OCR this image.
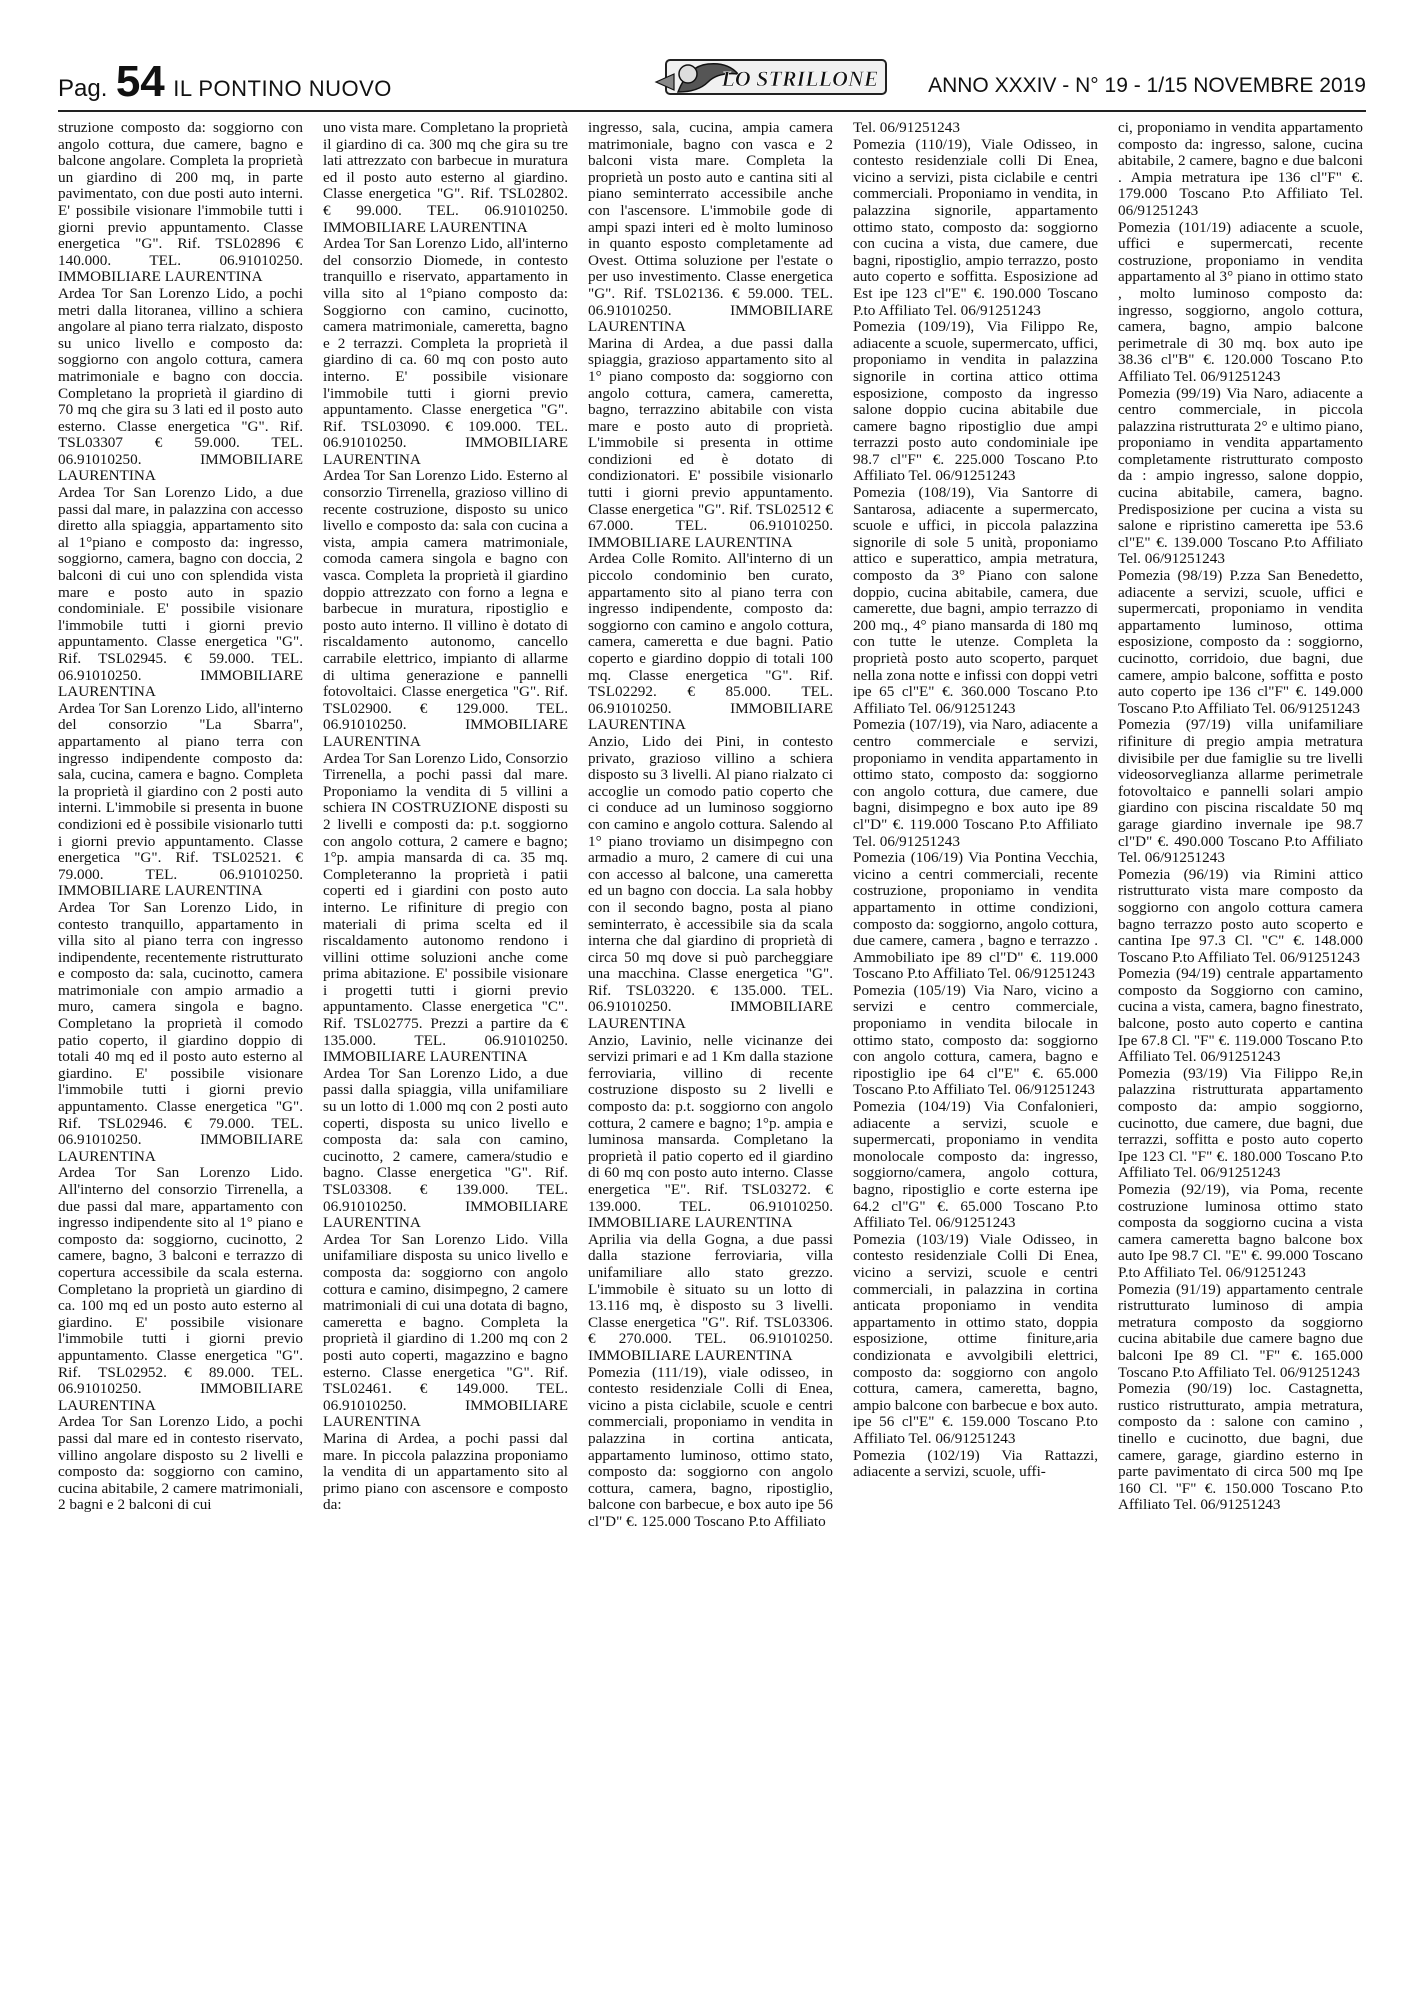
Pag. 54 IL PONTINO NUOVO	LO STRILLONE ANNO XXXIV - N° 19 - 1/15 NOVEMBRE 2019

struzione composto da: soggiorno con angolo cottura, due camere, bagno e balcone angolare. Completa la proprietà un giardino di 200 mq, in parte pavimentato, con due posti auto interni. E' possibile visionare l'immobile tutti i giorni previo appuntamento. Classe energetica "G". Rif. TSL02896 € 140.000. TEL. 06.91010250. IMMOBILIARE LAURENTINA

Ardea Tor San Lorenzo Lido, a pochi metri dalla litoranea, villino a schiera angolare al piano terra rialzato, disposto su unico livello e composto da: soggiorno con angolo cottura, camera matrimoniale e bagno con doccia. Completano la proprietà il giardino di 70 mq che gira su 3 lati ed il posto auto esterno. Classe energetica "G". Rif. TSL03307 € 59.000. TEL. 06.91010250. IMMOBILIARE LAURENTINA

Ardea Tor San Lorenzo Lido, a due passi dal mare, in palazzina con accesso diretto alla spiaggia, appartamento sito al 1°piano e composto da: ingresso, soggiorno, camera, bagno con doccia, 2 balconi di cui uno con splendida vista mare e posto auto in spazio condominiale. E' possibile visionare l'immobile tutti i giorni previo appuntamento. Classe energetica "G". Rif. TSL02945. € 59.000. TEL. 06.91010250. IMMOBILIARE LAURENTINA

Ardea Tor San Lorenzo Lido, all'interno del consorzio "La Sbarra", appartamento al piano terra con ingresso indipendente composto da: sala, cucina, camera e bagno. Completa la proprietà il giardino con 2 posti auto interni. L'immobile si presenta in buone condizioni ed è possibile visionarlo tutti i giorni previo appuntamento. Classe energetica "G". Rif. TSL02521. € 79.000. TEL. 06.91010250. IMMOBILIARE LAURENTINA

Ardea Tor San Lorenzo Lido, in contesto tranquillo, appartamento in villa sito al piano terra con ingresso indipendente, recentemente ristrutturato e composto da: sala, cucinotto, camera matrimoniale con ampio armadio a muro, camera singola e bagno. Completano la proprietà il comodo patio coperto, il giardino doppio di totali 40 mq ed il posto auto esterno al giardino. E' possibile visionare l'immobile tutti i giorni previo appuntamento. Classe energetica "G". Rif. TSL02946. € 79.000. TEL. 06.91010250. IMMOBILIARE LAURENTINA

Ardea Tor San Lorenzo Lido. All'interno del consorzio Tirrenella, a due passi dal mare, appartamento con ingresso indipendente sito al 1° piano e composto da: soggiorno, cucinotto, 2 camere, bagno, 3 balconi e terrazzo di copertura accessibile da scala esterna. Completano la proprietà un giardino di ca. 100 mq ed un posto auto esterno al giardino. E' possibile visionare l'immobile tutti i giorni previo appuntamento. Classe energetica "G". Rif. TSL02952. € 89.000. TEL. 06.91010250. IMMOBILIARE LAURENTINA

Ardea Tor San Lorenzo Lido, a pochi passi dal mare ed in contesto riservato, villino angolare disposto su 2 livelli e composto da: soggiorno con camino, cucina abitabile, 2 camere matrimoniali, 2 bagni e 2 balconi di cui

uno vista mare. Completano la proprietà il giardino di ca. 300 mq che gira su tre lati attrezzato con barbecue in muratura ed il posto auto esterno al giardino. Classe energetica "G". Rif. TSL02802. € 99.000. TEL. 06.91010250. IMMOBILIARE LAURENTINA

Ardea Tor San Lorenzo Lido, all'interno del consorzio Diomede, in contesto tranquillo e riservato, appartamento in villa sito al 1°piano composto da: Soggiorno con camino, cucinotto, camera matrimoniale, cameretta, bagno e 2 terrazzi. Completa la proprietà il giardino di ca. 60 mq con posto auto interno. E' possibile visionare l'immobile tutti i giorni previo appuntamento. Classe energetica "G". Rif. TSL03090. € 109.000. TEL. 06.91010250. IMMOBILIARE LAURENTINA

Ardea Tor San Lorenzo Lido. Esterno al consorzio Tirrenella, grazioso villino di recente costruzione, disposto su unico livello e composto da: sala con cucina a vista, ampia camera matrimoniale, comoda camera singola e bagno con vasca. Completa la proprietà il giardino doppio attrezzato con forno a legna e barbecue in muratura, ripostiglio e posto auto interno. Il villino è dotato di riscaldamento autonomo, cancello carrabile elettrico, impianto di allarme di ultima generazione e pannelli fotovoltaici. Classe energetica "G". Rif. TSL02900. € 129.000. TEL. 06.91010250. IMMOBILIARE LAURENTINA

Ardea Tor San Lorenzo Lido, Consorzio Tirrenella, a pochi passi dal mare. Proponiamo la vendita di 5 villini a schiera IN COSTRUZIONE disposti su 2 livelli e composti da: p.t. soggiorno con angolo cottura, 2 camere e bagno; 1°p. ampia mansarda di ca. 35 mq. Completeranno la proprietà i patii coperti ed i giardini con posto auto interno. Le rifiniture di pregio con materiali di prima scelta ed il riscaldamento autonomo rendono i villini ottime soluzioni anche come prima abitazione. E' possibile visionare i progetti tutti i giorni previo appuntamento. Classe energetica "C". Rif. TSL02775. Prezzi a partire da € 135.000. TEL. 06.91010250. IMMOBILIARE LAURENTINA

Ardea Tor San Lorenzo Lido, a due passi dalla spiaggia, villa unifamiliare su un lotto di 1.000 mq con 2 posti auto coperti, disposta su unico livello e composta da: sala con camino, cucinotto, 2 camere, camera/studio e bagno. Classe energetica "G". Rif. TSL03308. € 139.000. TEL. 06.91010250. IMMOBILIARE LAURENTINA

Ardea Tor San Lorenzo Lido. Villa unifamiliare disposta su unico livello e composta da: soggiorno con angolo cottura e camino, disimpegno, 2 camere matrimoniali di cui una dotata di bagno, cameretta e bagno. Completa la proprietà il giardino di 1.200 mq con 2 posti auto coperti, magazzino e bagno esterno. Classe energetica "G". Rif. TSL02461. € 149.000. TEL. 06.91010250. IMMOBILIARE LAURENTINA

Marina di Ardea, a pochi passi dal mare. In piccola palazzina proponiamo la vendita di un appartamento sito al primo piano con ascensore e composto da:

ingresso, sala, cucina, ampia camera matrimoniale, bagno con vasca e 2 balconi vista mare. Completa la proprietà un posto auto e cantina siti al piano seminterrato accessibile anche con l'ascensore. L'immobile gode di ampi spazi interi ed è molto luminoso in quanto esposto completamente ad Ovest. Ottima soluzione per l'estate o per uso investimento. Classe energetica "G". Rif. TSL02136. € 59.000. TEL. 06.91010250. IMMOBILIARE LAURENTINA

Marina di Ardea, a due passi dalla spiaggia, grazioso appartamento sito al 1° piano composto da: soggiorno con angolo cottura, camera, cameretta, bagno, terrazzino abitabile con vista mare e posto auto di proprietà. L'immobile si presenta in ottime condizioni ed è dotato di condizionatori. E' possibile visionarlo tutti i giorni previo appuntamento. Classe energetica "G". Rif. TSL02512 € 67.000. TEL. 06.91010250. IMMOBILIARE LAURENTINA

Ardea Colle Romito. All'interno di un piccolo condominio ben curato, appartamento sito al piano terra con ingresso indipendente, composto da: soggiorno con camino e angolo cottura, camera, cameretta e due bagni. Patio coperto e giardino doppio di totali 100 mq. Classe energetica "G". Rif. TSL02292. € 85.000. TEL. 06.91010250. IMMOBILIARE LAURENTINA

Anzio, Lido dei Pini, in contesto privato, grazioso villino a schiera disposto su 3 livelli. Al piano rialzato ci accoglie un comodo patio coperto che ci conduce ad un luminoso soggiorno con camino e angolo cottura. Salendo al 1° piano troviamo un disimpegno con armadio a muro, 2 camere di cui una con accesso al balcone, una cameretta ed un bagno con doccia. La sala hobby con il secondo bagno, posta al piano seminterrato, è accessibile sia da scala interna che dal giardino di proprietà di circa 50 mq dove si può parcheggiare una macchina. Classe energetica "G". Rif. TSL03220. € 135.000. TEL. 06.91010250. IMMOBILIARE LAURENTINA

Anzio, Lavinio, nelle vicinanze dei servizi primari e ad 1 Km dalla stazione ferroviaria, villino di recente costruzione disposto su 2 livelli e composto da: p.t. soggiorno con angolo cottura, 2 camere e bagno; 1°p. ampia e luminosa mansarda. Completano la proprietà il patio coperto ed il giardino di 60 mq con posto auto interno. Classe energetica "E". Rif. TSL03272. € 139.000. TEL. 06.91010250. IMMOBILIARE LAURENTINA

Aprilia via della Gogna, a due passi dalla stazione ferroviaria, villa unifamiliare allo stato grezzo. L'immobile è situato su un lotto di 13.116 mq, è disposto su 3 livelli. Classe energetica "G". Rif. TSL03306. € 270.000. TEL. 06.91010250. IMMOBILIARE LAURENTINA

Pomezia (111/19), viale odisseo, in contesto residenziale Colli di Enea, vicino a pista ciclabile, scuole e centri commerciali, proponiamo in vendita in palazzina in cortina anticata, appartamento luminoso, ottimo stato, composto da: soggiorno con angolo cottura, camera, bagno, ripostiglio, balcone con barbecue, e box auto ipe 56 cl"D" €. 125.000 Toscano P.to Affiliato

Tel. 06/91251243

Pomezia (110/19), Viale Odisseo, in contesto residenziale colli Di Enea, vicino a servizi, pista ciclabile e centri commerciali. Proponiamo in vendita, in palazzina signorile, appartamento ottimo stato, composto da: soggiorno con cucina a vista, due camere, due bagni, ripostiglio, ampio terrazzo, posto auto coperto e soffitta. Esposizione ad Est ipe 123 cl"E" €. 190.000 Toscano P.to Affiliato Tel. 06/91251243

Pomezia (109/19), Via Filippo Re, adiacente a scuole, supermercato, uffici, proponiamo in vendita in palazzina signorile in cortina attico ottima esposizione, composto da ingresso salone doppio cucina abitabile due camere bagno ripostiglio due ampi terrazzi posto auto condominiale ipe 98.7 cl"F" €. 225.000 Toscano P.to Affiliato Tel. 06/91251243

Pomezia (108/19), Via Santorre di Santarosa, adiacente a supermercato, scuole e uffici, in piccola palazzina signorile di sole 5 unità, proponiamo attico e superattico, ampia metratura, composto da 3° Piano con salone doppio, cucina abitabile, camera, due camerette, due bagni, ampio terrazzo di 200 mq., 4° piano mansarda di 180 mq con tutte le utenze. Completa la proprietà posto auto scoperto, parquet nella zona notte e infissi con doppi vetri ipe 65 cl"E" €. 360.000 Toscano P.to Affiliato Tel. 06/91251243

Pomezia (107/19), via Naro, adiacente a centro commerciale e servizi, proponiamo in vendita appartamento in ottimo stato, composto da: soggiorno con angolo cottura, due camere, due bagni, disimpegno e box auto ipe 89 cl"D" €. 119.000 Toscano P.to Affiliato Tel. 06/91251243

Pomezia (106/19) Via Pontina Vecchia, vicino a centri commerciali, recente costruzione, proponiamo in vendita appartamento in ottime condizioni, composto da: soggiorno, angolo cottura, due camere, camera , bagno e terrazzo . Ammobiliato ipe 89 cl"D" €. 119.000 Toscano P.to Affiliato Tel. 06/91251243

Pomezia (105/19) Via Naro, vicino a servizi e centro commerciale, proponiamo in vendita bilocale in ottimo stato, composto da: soggiorno con angolo cottura, camera, bagno e ripostiglio ipe 64 cl"E" €. 65.000 Toscano P.to Affiliato Tel. 06/91251243

Pomezia (104/19) Via Confalonieri, adiacente a servizi, scuole e supermercati, proponiamo in vendita monolocale composto da: ingresso, soggiorno/camera, angolo cottura, bagno, ripostiglio e corte esterna ipe 64.2 cl"G" €. 65.000 Toscano P.to Affiliato Tel. 06/91251243

Pomezia (103/19) Viale Odisseo, in contesto residenziale Colli Di Enea, vicino a servizi, scuole e centri commerciali, in palazzina in cortina anticata proponiamo in vendita appartamento in ottimo stato, doppia esposizione, ottime finiture,aria condizionata e avvolgibili elettrici, composto da: soggiorno con angolo cottura, camera, cameretta, bagno, ampio balcone con barbecue e box auto. ipe 56 cl"E" €. 159.000 Toscano P.to Affiliato Tel. 06/91251243

Pomezia (102/19) Via Rattazzi, adiacente a servizi, scuole, uffi-

ci, proponiamo in vendita appartamento composto da: ingresso, salone, cucina abitabile, 2 camere, bagno e due balconi . Ampia metratura ipe 136 cl"F" €. 179.000 Toscano P.to Affiliato Tel. 06/91251243

Pomezia (101/19) adiacente a scuole, uffici e supermercati, recente costruzione, proponiamo in vendita appartamento al 3° piano in ottimo stato , molto luminoso composto da: ingresso, soggiorno, angolo cottura, camera, bagno, ampio balcone perimetrale di 30 mq. box auto ipe 38.36 cl"B" €. 120.000 Toscano P.to Affiliato Tel. 06/91251243

Pomezia (99/19) Via Naro, adiacente a centro commerciale, in piccola palazzina ristrutturata 2° e ultimo piano, proponiamo in vendita appartamento completamente ristrutturato composto da : ampio ingresso, salone doppio, cucina abitabile, camera, bagno. Predisposizione per cucina a vista su salone e ripristino cameretta ipe 53.6 cl"E" €. 139.000 Toscano P.to Affiliato Tel. 06/91251243

Pomezia (98/19) P.zza San Benedetto, adiacente a servizi, scuole, uffici e supermercati, proponiamo in vendita appartamento luminoso, ottima esposizione, composto da : soggiorno, cucinotto, corridoio, due bagni, due camere, ampio balcone, soffitta e posto auto coperto ipe 136 cl"F" €. 149.000 Toscano P.to Affiliato Tel. 06/91251243

Pomezia (97/19) villa unifamiliare rifiniture di pregio ampia metratura divisibile per due famiglie su tre livelli videosorveglianza allarme perimetrale fotovoltaico e pannelli solari ampio giardino con piscina riscaldate 50 mq garage giardino invernale ipe 98.7 cl"D" €. 490.000 Toscano P.to Affiliato Tel. 06/91251243

Pomezia (96/19) via Rimini attico ristrutturato vista mare composto da soggiorno con angolo cottura camera bagno terrazzo posto auto scoperto e cantina Ipe 97.3 Cl. "C" €. 148.000 Toscano P.to Affiliato Tel. 06/91251243

Pomezia (94/19) centrale appartamento composto da Soggiorno con camino, cucina a vista, camera, bagno finestrato, balcone, posto auto coperto e cantina Ipe 67.8 Cl. "F" €. 119.000 Toscano P.to Affiliato Tel. 06/91251243

Pomezia (93/19) Via Filippo Re,in palazzina ristrutturata appartamento composto da: ampio soggiorno, cucinotto, due camere, due bagni, due terrazzi, soffitta e posto auto coperto Ipe 123 Cl. "F" €. 180.000 Toscano P.to Affiliato Tel. 06/91251243

Pomezia (92/19), via Poma, recente costruzione luminosa ottimo stato composta da soggiorno cucina a vista camera cameretta bagno balcone box auto Ipe 98.7 Cl. "E" €. 99.000 Toscano P.to Affiliato Tel. 06/91251243

Pomezia (91/19) appartamento centrale ristrutturato luminoso di ampia metratura composto da soggiorno cucina abitabile due camere bagno due balconi Ipe 89 Cl. "F" €. 165.000 Toscano P.to Affiliato Tel. 06/91251243

Pomezia (90/19) loc. Castagnetta, rustico ristrutturato, ampia metratura, composto da : salone con camino , tinello e cucinotto, due bagni, due camere, garage, giardino esterno in parte pavimentato di circa 500 mq Ipe 160 Cl. "F" €. 150.000 Toscano P.to Affiliato Tel. 06/91251243
